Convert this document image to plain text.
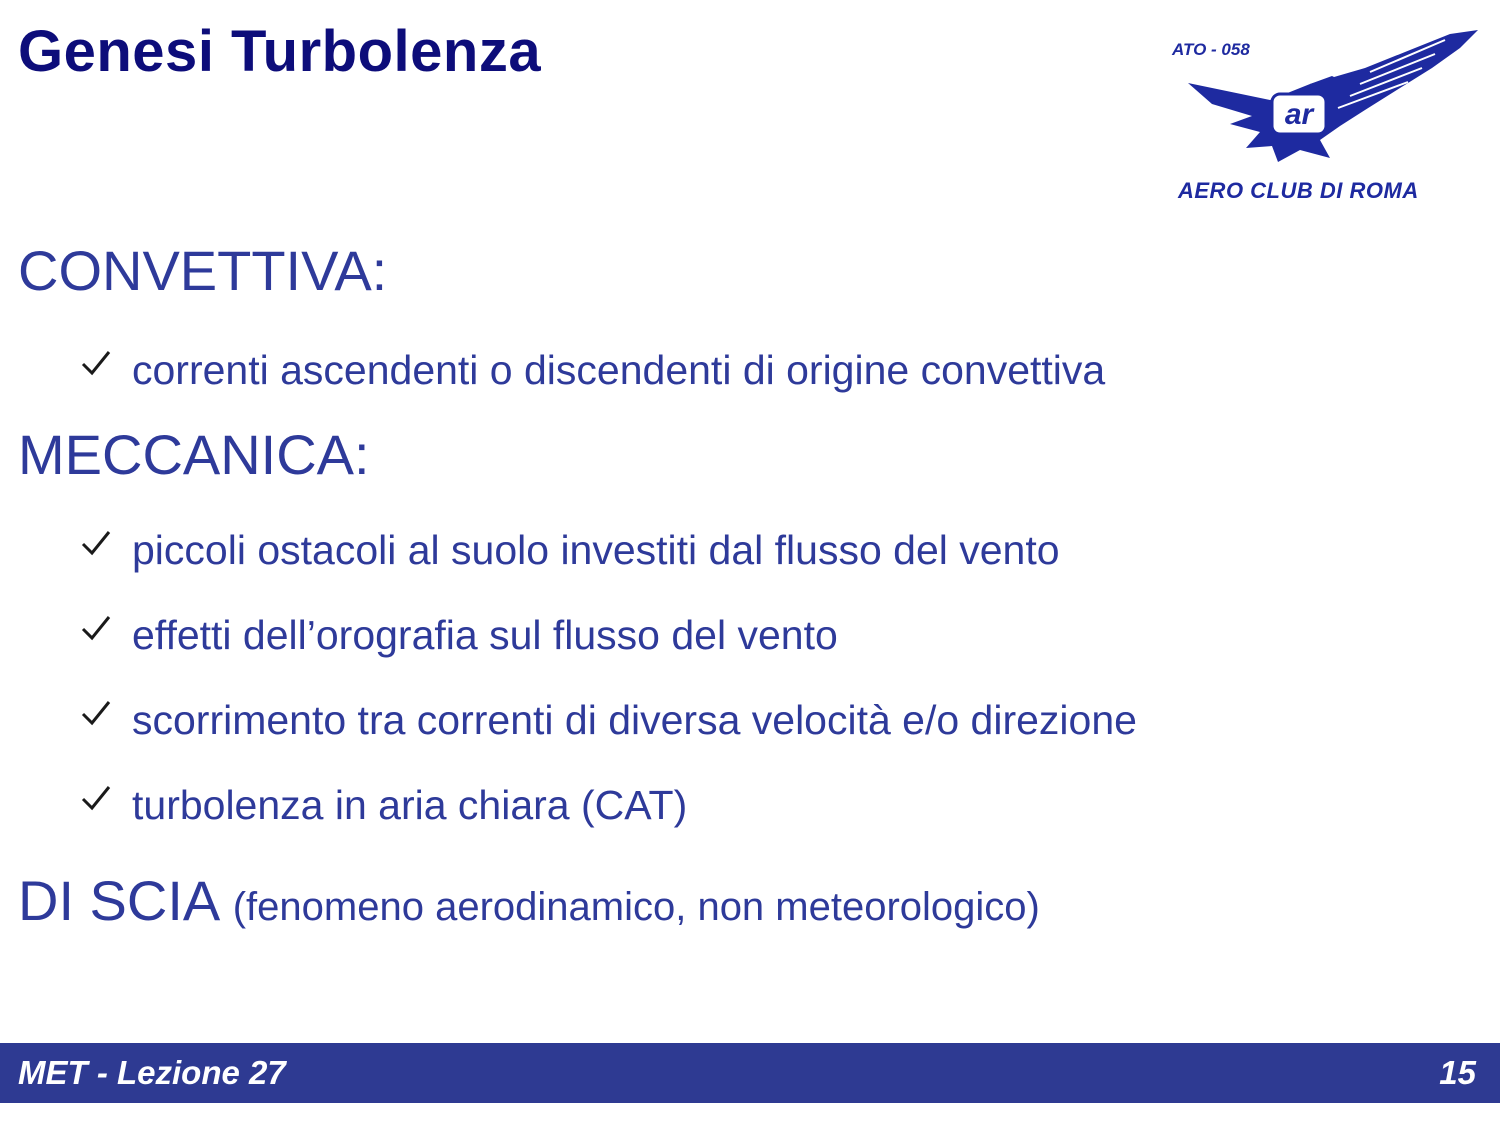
Genesi Turbolenza
ar
ATO - 058
AERO CLUB DI ROMA
CONVETTIVA:
correnti ascendenti o discendenti di origine convettiva
MECCANICA:
piccoli ostacoli al suolo investiti dal flusso del vento
effetti dell’orografia sul flusso del vento
scorrimento tra correnti di diversa velocità e/o direzione
turbolenza in aria chiara (CAT)
DI SCIA (fenomeno aerodinamico, non meteorologico)
MET - Lezione 27	15
